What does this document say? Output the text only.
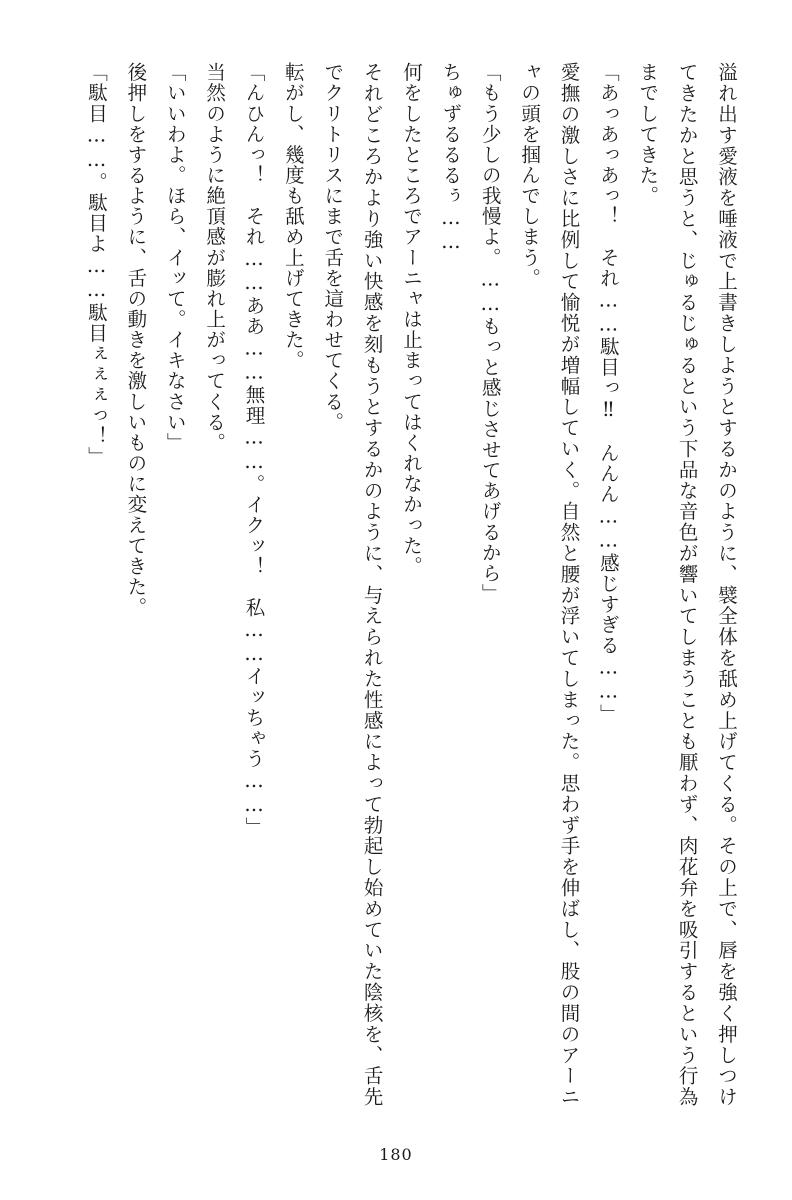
溢れ出す愛液を唾液で上書きしようとするかのように、襞全体を舐め上げてくる。その上で、唇を強く押しつけてきたかと思うと、じゅるじゅるという下品な音色が響いてしまうことも厭わず、肉花弁を吸引するという行為までしてきた。

「あっあっあっ！　それ……駄目っ‼　んんん……感じすぎる……」

愛撫の激しさに比例して愉悦が増幅していく。自然と腰が浮いてしまった。思わず手を伸ばし、股の間のアーニャの頭を掴んでしまう。

「もう少しの我慢よ。……もっと感じさせてあげるから」

ちゅずるるるぅ……

何をしたところでアーニャは止まってはくれなかった。

それどころかより強い快感を刻もうとするかのように、与えられた性感によって勃起し始めていた陰核を、舌先でクリトリスにまで舌を這わせてくる。

転がし、幾度も舐め上げてきた。

「んひんっ！　それ……ああ……無理……。イクッ！　私……イッちゃう……」

当然のように絶頂感が膨れ上がってくる。

「いいわよ。ほら、イッて。イキなさい」

後押しをするように、舌の動きを激しいものに変えてきた。

「駄目……。駄目よ……駄目ぇぇぇっ！」

180
